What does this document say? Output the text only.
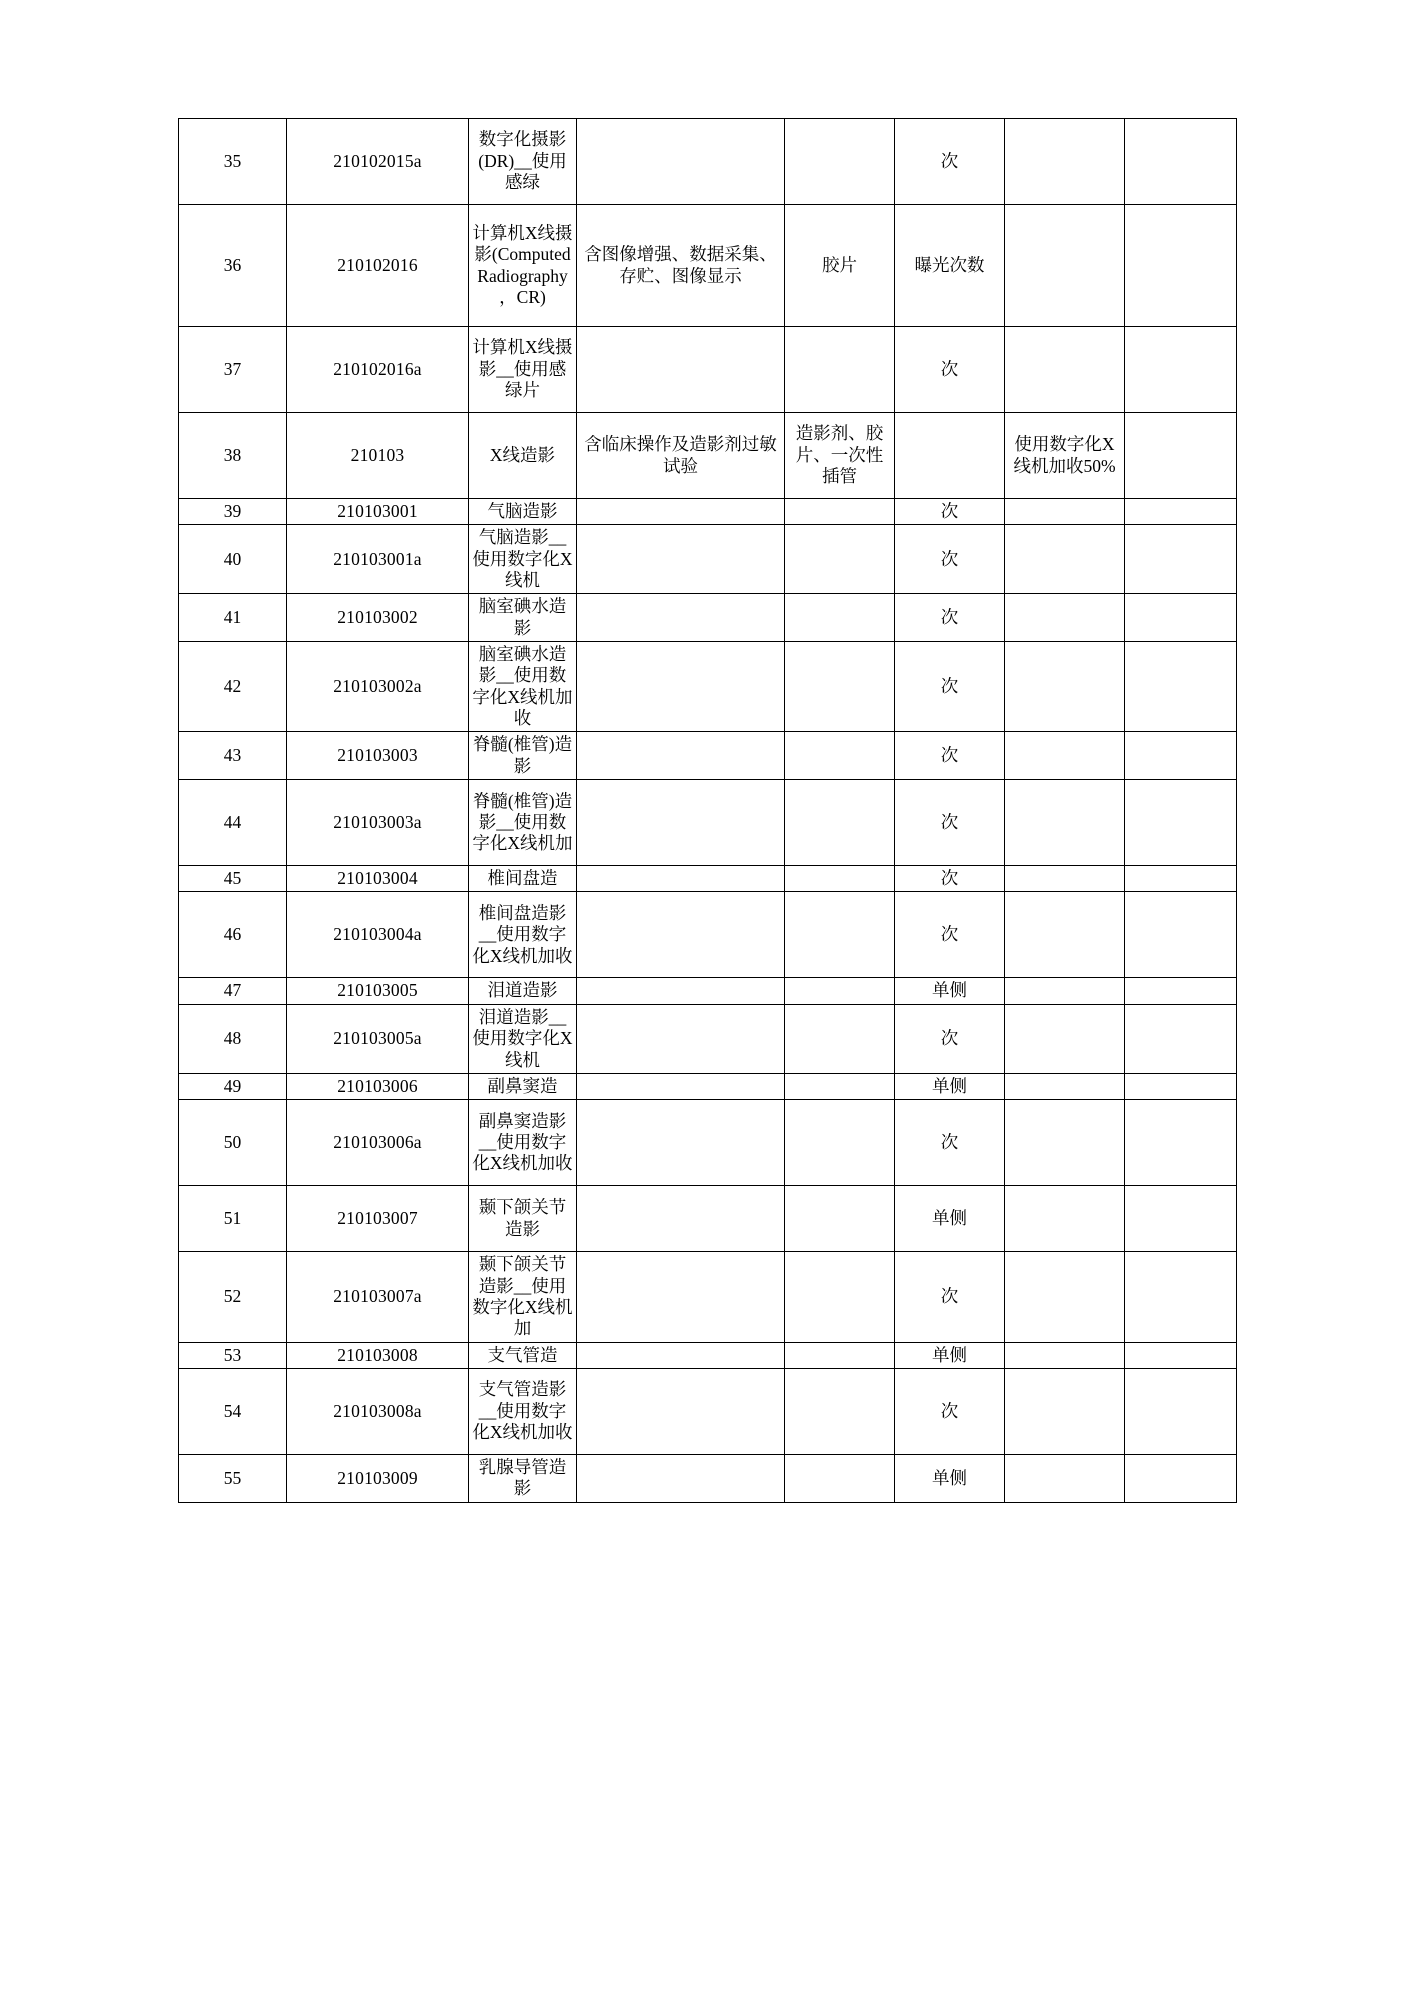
35	210102015a	数字化摄影(DR)__使用感绿			次		
36	210102016	计算机X线摄影(Computed Radiography，CR)	含图像增强、数据采集、存贮、图像显示	胶片	曝光次数		
37	210102016a	计算机X线摄影__使用感绿片			次		
38	210103	X线造影	含临床操作及造影剂过敏试验	造影剂、胶片、一次性插管		使用数字化X线机加收50%	
39	210103001	气脑造影			次		
40	210103001a	气脑造影__使用数字化X线机			次		
41	210103002	脑室碘水造影			次		
42	210103002a	脑室碘水造影__使用数字化X线机加收			次		
43	210103003	脊髓(椎管)造影			次		
44	210103003a	脊髓(椎管)造影__使用数字化X线机加			次		
45	210103004	椎间盘造			次		
46	210103004a	椎间盘造影__使用数字化X线机加收			次		
47	210103005	泪道造影			单侧		
48	210103005a	泪道造影__使用数字化X线机			次		
49	210103006	副鼻窦造			单侧		
50	210103006a	副鼻窦造影__使用数字化X线机加收			次		
51	210103007	颞下颌关节造影			单侧		
52	210103007a	颞下颌关节造影__使用数字化X线机加			次		
53	210103008	支气管造			单侧		
54	210103008a	支气管造影__使用数字化X线机加收			次		
55	210103009	乳腺导管造影			单侧		
